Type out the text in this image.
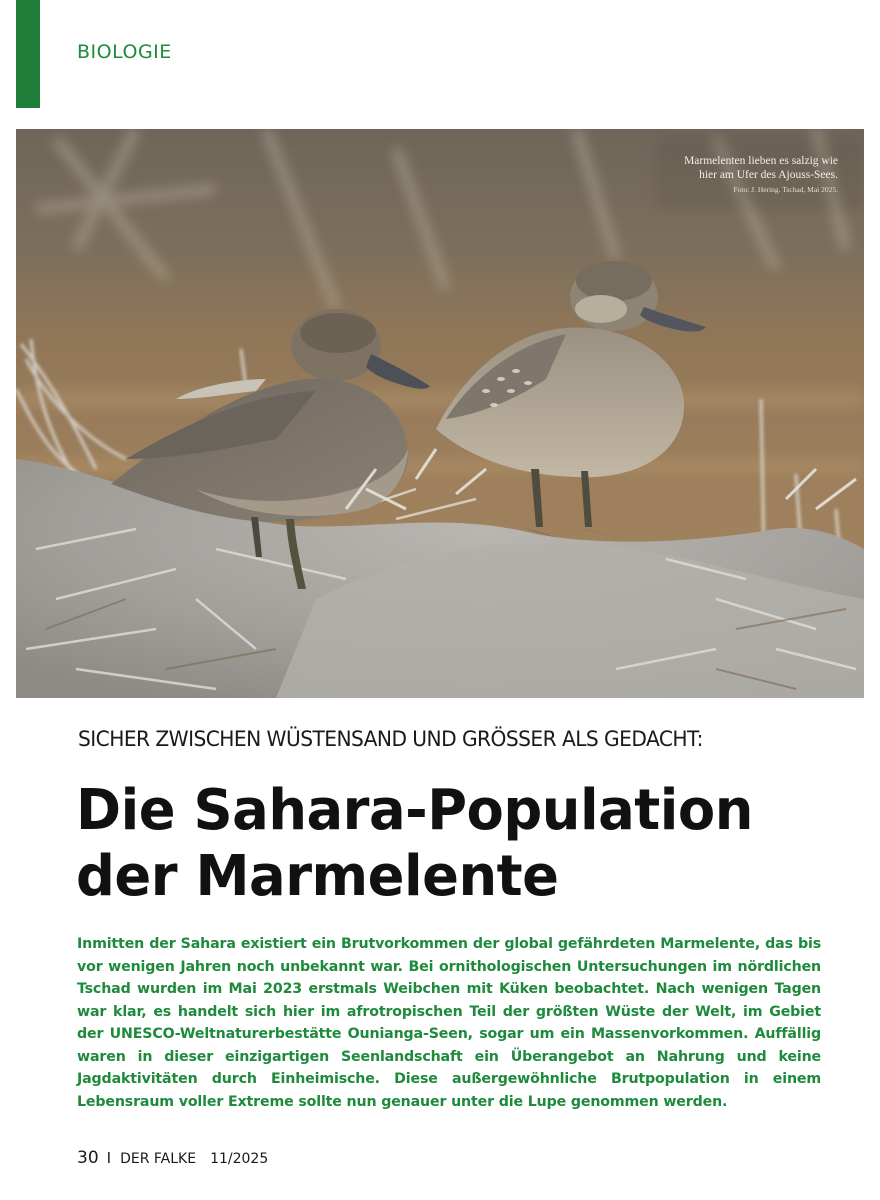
BIOLOGIE
Marmelenten lieben es salzig wie
hier am Ufer des Ajouss-Sees.
Foto: J. Hering. Tschad, Mai 2025.
SICHER ZWISCHEN WÜSTENSAND UND GRÖSSER ALS GEDACHT:
Die Sahara-Population
der Marmelente

Inmitten der Sahara existiert ein Brutvorkommen der global gefährdeten Marmelente, das bis vor wenigen Jahren noch unbekannt war. Bei ornithologischen Untersuchungen im nördlichen Tschad wurden im Mai 2023 erstmals Weibchen mit Küken beobachtet. Nach wenigen Tagen war klar, es handelt sich hier im afrotropischen Teil der größten Wüste der Welt, im Gebiet der UNESCO-Weltnaturerbestätte Ounianga-Seen, sogar um ein Massenvorkommen. Auffällig waren in dieser einzigartigen Seenlandschaft ein Überangebot an Nahrung und keine Jagdaktivitäten durch Einheimische. Diese außergewöhnliche Brutpopulation in einem Lebensraum voller Extreme sollte nun genauer unter die Lupe genommen werden.

30 I DER FALKE 11/2025
